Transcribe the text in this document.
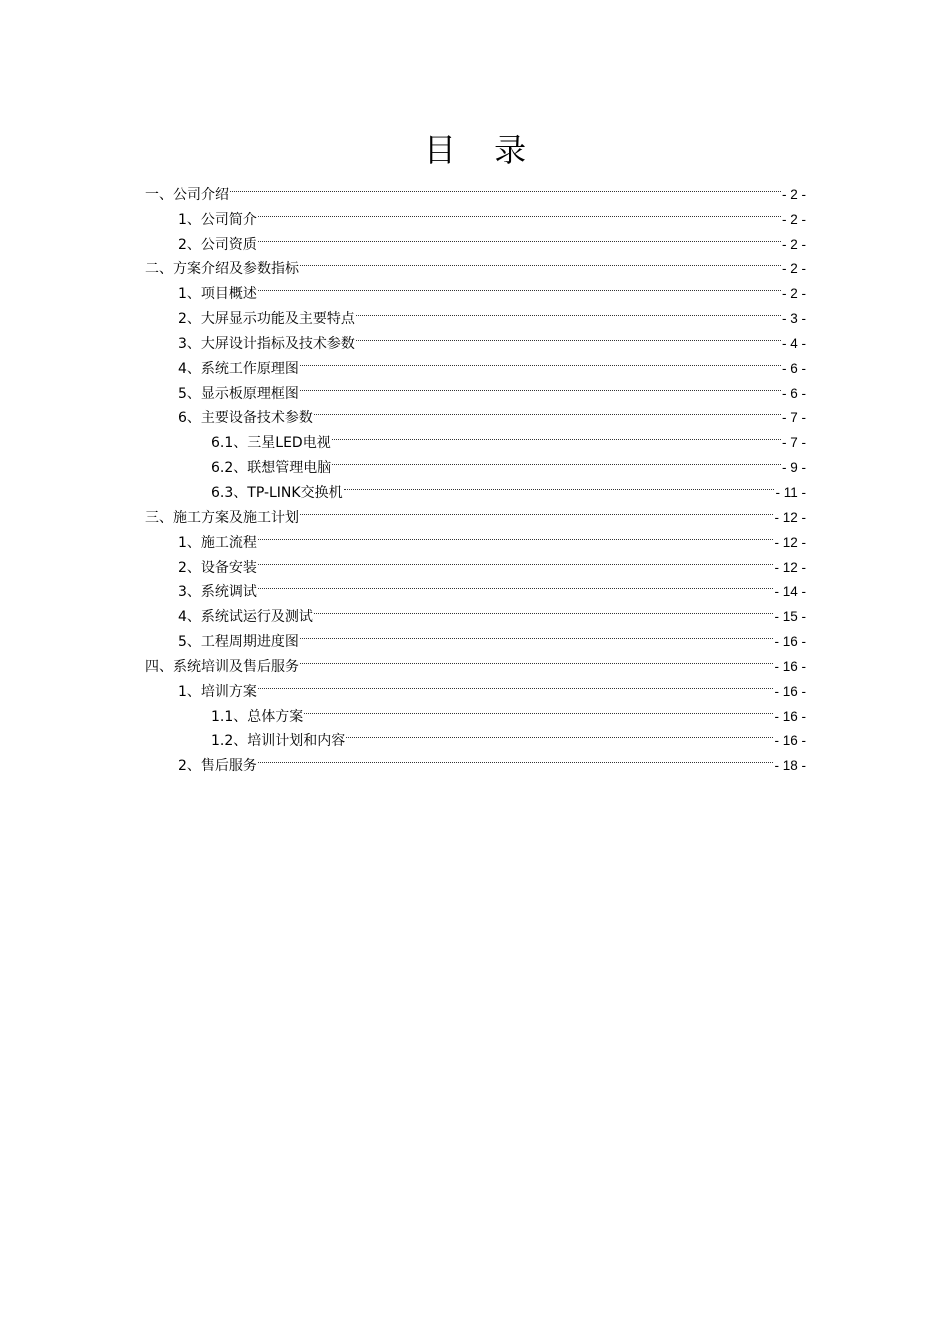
目 录
一、公司介绍	- 2 -
1、公司简介	- 2 -
2、公司资质	- 2 -
二、方案介绍及参数指标	- 2 -
1、项目概述	- 2 -
2、大屏显示功能及主要特点	- 3 -
3、大屏设计指标及技术参数	- 4 -
4、系统工作原理图	- 6 -
5、显示板原理框图	- 6 -
6、主要设备技术参数	- 7 -
6.1、三星LED电视	- 7 -
6.2、联想管理电脑	- 9 -
6.3、TP-LINK交换机	- 11 -
三、施工方案及施工计划	- 12 -
1、施工流程	- 12 -
2、设备安装	- 12 -
3、系统调试	- 14 -
4、系统试运行及测试	- 15 -
5、工程周期进度图	- 16 -
四、系统培训及售后服务	- 16 -
1、培训方案	- 16 -
1.1、总体方案	- 16 -
1.2、培训计划和内容	- 16 -
2、售后服务	- 18 -
